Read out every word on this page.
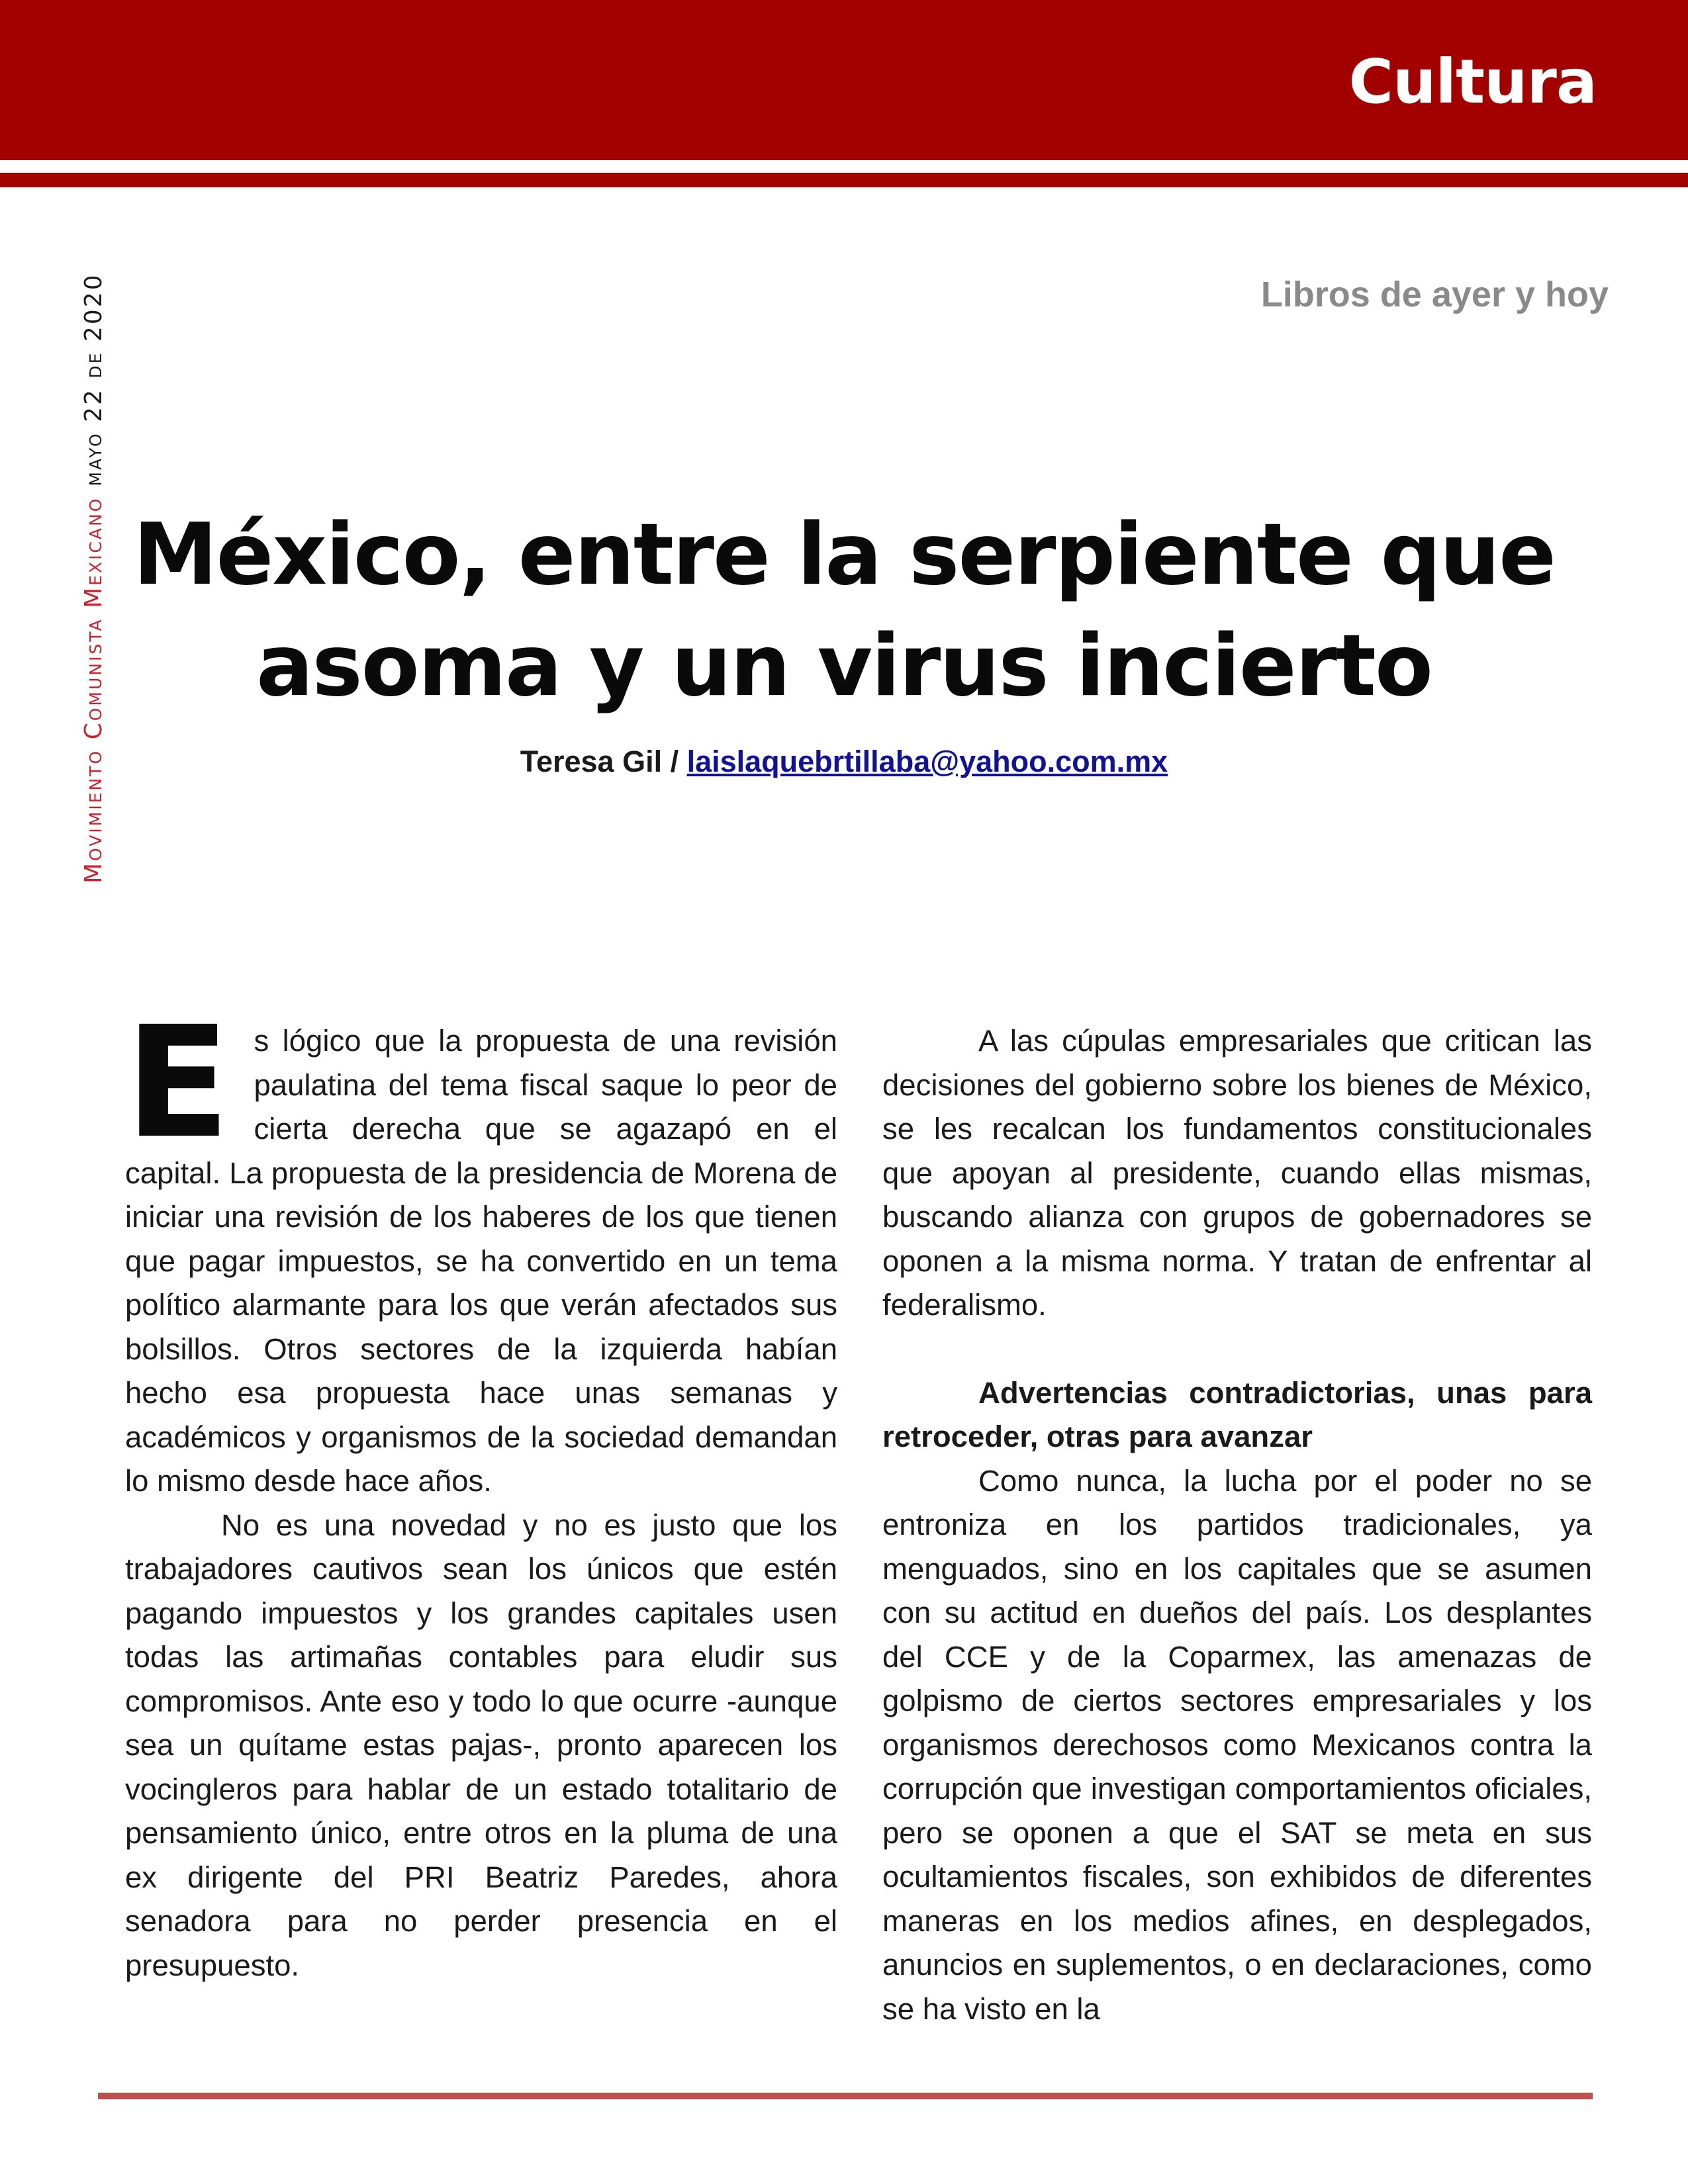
Cultura
Movimiento Comunista Mexicanomayo 22 de 2020	Libros de ayer y hoy
México, entre la serpiente que
asoma y un virus incierto
Teresa Gil / laislaquebrtillaba@yahoo.com.mx

Es lógico que la propuesta de una revisión paulatina del tema fiscal saque lo peor de cierta derecha que se agazapó en el capital. La propuesta de la presidencia de Morena de iniciar una revisión de los haberes de los que tienen que pagar impuestos, se ha convertido en un tema político alarmante para los que verán afectados sus bolsillos. Otros sectores de la izquierda habían hecho esa propuesta hace unas semanas y académicos y organismos de la sociedad demandan lo mismo desde hace años.

No es una novedad y no es justo que los trabajadores cautivos sean los únicos que estén pagando impuestos y los grandes capitales usen todas las artimañas contables para eludir sus compromisos. Ante eso y todo lo que ocurre -aunque sea un quítame estas pajas-, pronto aparecen los vocingleros para hablar de un estado totalitario de pensamiento único, entre otros en la pluma de una ex dirigente del PRI Beatriz Paredes, ahora senadora para no perder presencia en el presupuesto.

A las cúpulas empresariales que critican las decisiones del gobierno sobre los bienes de México, se les recalcan los fundamentos constitucionales que apoyan al presidente, cuando ellas mismas, buscando alianza con grupos de gobernadores se oponen a la misma norma. Y tratan de enfrentar al federalismo.

Advertencias contradictorias, unas para retroceder, otras para avanzar

Como nunca, la lucha por el poder no se entroniza en los partidos tradicionales, ya menguados, sino en los capitales que se asumen con su actitud en dueños del país. Los desplantes del CCE y de la Coparmex, las amenazas de golpismo de ciertos sectores empresariales y los organismos derechosos como Mexicanos contra la corrupción que investigan comportamientos oficiales, pero se oponen a que el SAT se meta en sus ocultamientos fiscales, son exhibidos de diferentes maneras en los medios afines, en desplegados, anuncios en suplementos, o en declaraciones, como se ha visto en la
